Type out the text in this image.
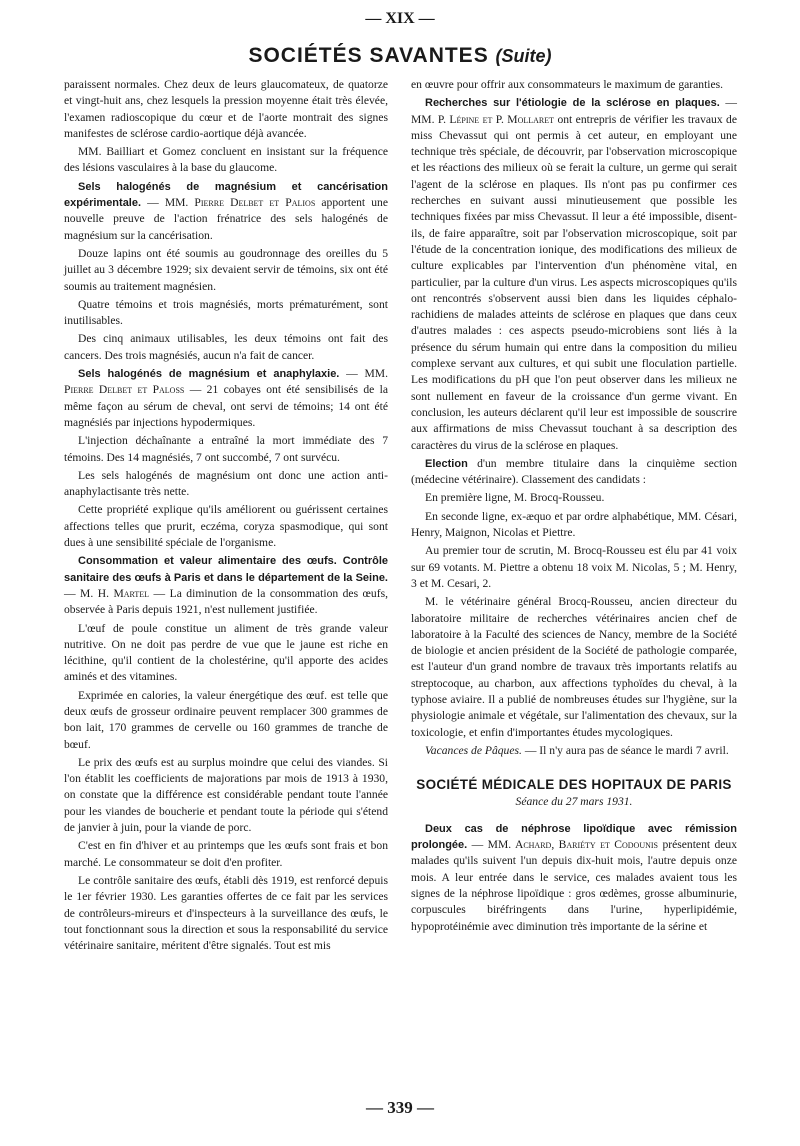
— XIX —
SOCIÉTÉS SAVANTES (Suite)

paraissent normales. Chez deux de leurs glaucomateux, de quatorze et vingt-huit ans, chez lesquels la pression moyenne était très élevée, l'examen radioscopique du cœur et de l'aorte montrait des signes manifestes de sclérose cardio-aortique déjà avancée.

MM. Bailliart et Gomez concluent en insistant sur la fréquence des lésions vasculaires à la base du glaucome.

Sels halogénés de magnésium et cancérisation expérimentale. — MM. Pierre Delbet et Palios apportent une nouvelle preuve de l'action frénatrice des sels halogénés de magnésium sur la cancérisation.

Douze lapins ont été soumis au goudronnage des oreilles du 5 juillet au 3 décembre 1929; six devaient servir de témoins, six ont été soumis au traitement magnésien.

Quatre témoins et trois magnésiés, morts prématurément, sont inutilisables.

Des cinq animaux utilisables, les deux témoins ont fait des cancers. Des trois magnésiés, aucun n'a fait de cancer.

Sels halogénés de magnésium et anaphylaxie. — MM. Pierre Delbet et Paloss — 21 cobayes ont été sensibilisés de la même façon au sérum de cheval, ont servi de témoins; 14 ont été magnésiés par injections hypodermiques.

L'injection déchaînante a entraîné la mort immédiate des 7 témoins. Des 14 magnésiés, 7 ont succombé, 7 ont survécu.

Les sels halogénés de magnésium ont donc une action anti-anaphylactisante très nette.

Cette propriété explique qu'ils améliorent ou guérissent certaines affections telles que prurit, eczéma, coryza spasmodique, qui sont dues à une sensibilité spéciale de l'organisme.

Consommation et valeur alimentaire des œufs. Contrôle sanitaire des œufs à Paris et dans le département de la Seine. — M. H. Martel — La diminution de la consommation des œufs, observée à Paris depuis 1921, n'est nullement justifiée.

L'œuf de poule constitue un aliment de très grande valeur nutritive. On ne doit pas perdre de vue que le jaune est riche en lécithine, qu'il contient de la cholestérine, qu'il apporte des acides aminés et des vitamines.

Exprimée en calories, la valeur énergétique des œuf. est telle que deux œufs de grosseur ordinaire peuvent remplacer 300 grammes de bon lait, 170 grammes de cervelle ou 160 grammes de tranche de bœuf.

Le prix des œufs est au surplus moindre que celui des viandes. Si l'on établit les coefficients de majorations par mois de 1913 à 1930, on constate que la différence est considérable pendant toute l'année pour les viandes de boucherie et pendant toute la période qui s'étend de janvier à juin, pour la viande de porc.

C'est en fin d'hiver et au printemps que les œufs sont frais et bon marché. Le consommateur se doit d'en profiter.

Le contrôle sanitaire des œufs, établi dès 1919, est renforcé depuis le 1er février 1930. Les garanties offertes de ce fait par les services de contrôleurs-mireurs et d'inspecteurs à la surveillance des œufs, le tout fonctionnant sous la direction et sous la responsabilité du service vétérinaire sanitaire, méritent d'être signalés. Tout est mis

en œuvre pour offrir aux consommateurs le maximum de garanties.

Recherches sur l'étiologie de la sclérose en plaques. — MM. P. Lépine et P. Mollaret ont entrepris de vérifier les travaux de miss Chevassut qui ont permis à cet auteur, en employant une technique très spéciale, de découvrir, par l'observation microscopique et les réactions des milieux où se ferait la culture, un germe qui serait l'agent de la sclérose en plaques. Ils n'ont pas pu confirmer ces recherches en suivant aussi minutieusement que possible les techniques fixées par miss Chevassut. Il leur a été impossible, disent-ils, de faire apparaître, soit par l'observation microscopique, soit par l'étude de la concentration ionique, des modifications des milieux de culture explicables par l'intervention d'un phénomène vital, en particulier, par la culture d'un virus. Les aspects microscopiques qu'ils ont rencontrés s'observent aussi bien dans les liquides céphalo-rachidiens de malades atteints de sclérose en plaques que dans ceux d'autres malades : ces aspects pseudo-microbiens sont liés à la présence du sérum humain qui entre dans la composition du milieu complexe servant aux cultures, et qui subit une floculation partielle. Les modifications du pH que l'on peut observer dans les milieux ne sont nullement en faveur de la croissance d'un germe vivant. En conclusion, les auteurs déclarent qu'il leur est impossible de souscrire aux affirmations de miss Chevassut touchant à sa description des caractères du virus de la sclérose en plaques.

Election d'un membre titulaire dans la cinquième section (médecine vétérinaire). Classement des candidats :

En première ligne, M. Brocq-Rousseu.

En seconde ligne, ex-æquo et par ordre alphabétique, MM. Césari, Henry, Maignon, Nicolas et Piettre.

Au premier tour de scrutin, M. Brocq-Rousseu est élu par 41 voix sur 69 votants. M. Piettre a obtenu 18 voix M. Nicolas, 5 ; M. Henry, 3 et M. Cesari, 2.

M. le vétérinaire général Brocq-Rousseu, ancien directeur du laboratoire militaire de recherches vétérinaires ancien chef de laboratoire à la Faculté des sciences de Nancy, membre de la Société de biologie et ancien président de la Société de pathologie comparée, est l'auteur d'un grand nombre de travaux très importants relatifs au streptocoque, au charbon, aux affections typhoïdes du cheval, à la typhose aviaire. Il a publié de nombreuses études sur l'hygiène, sur la physiologie animale et végétale, sur l'alimentation des chevaux, sur la toxicologie, et enfin d'importantes études mycologiques.

Vacances de Pâques. — Il n'y aura pas de séance le mardi 7 avril.

SOCIÉTÉ MÉDICALE DES HOPITAUX DE PARIS
Séance du 27 mars 1931.

Deux cas de néphrose lipoïdique avec rémission prolongée. — MM. Achard, Bariéty et Codounis présentent deux malades qu'ils suivent l'un depuis dix-huit mois, l'autre depuis onze mois. A leur entrée dans le service, ces malades avaient tous les signes de la néphrose lipoïdique : gros œdèmes, grosse albuminurie, corpuscules biréfringents dans l'urine, hyperlipidémie, hypoprotéinémie avec diminution très importante de la sérine et

— 339 —
